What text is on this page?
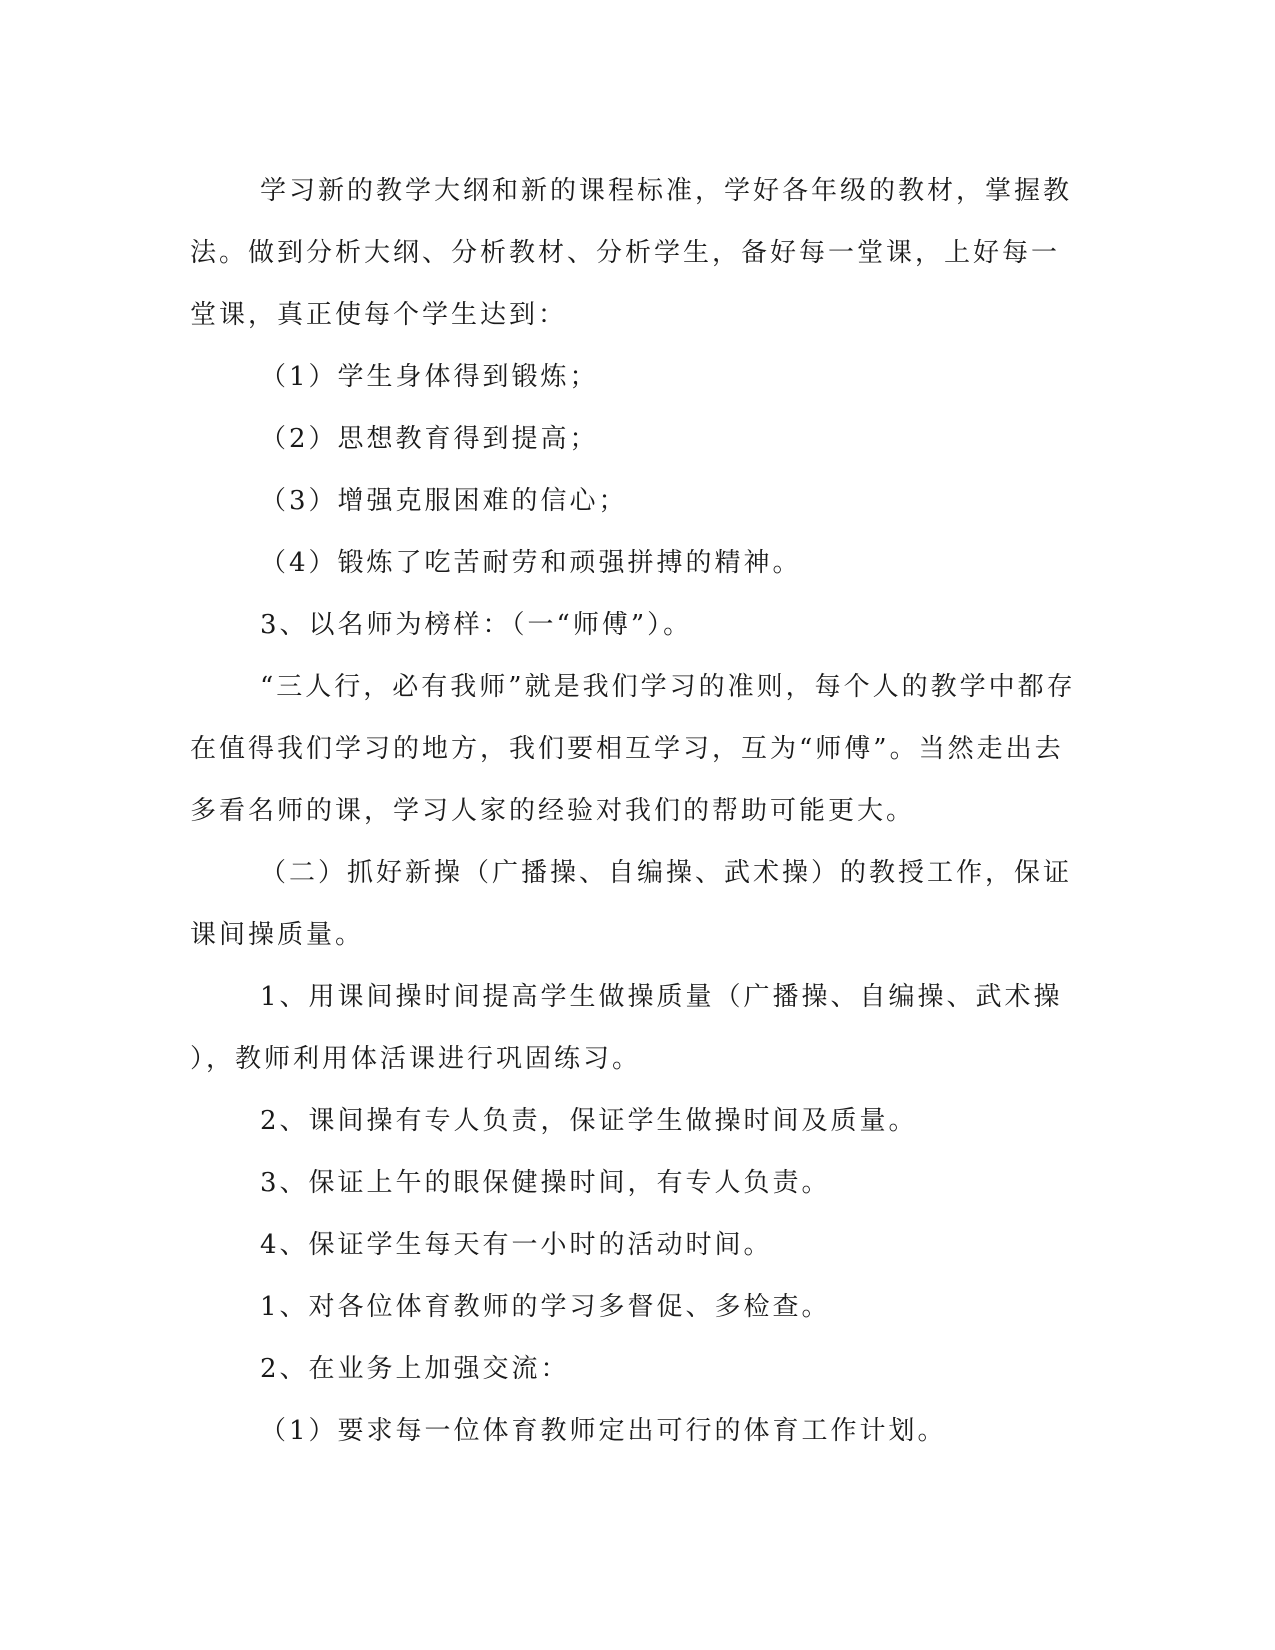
学习新的教学大纲和新的课程标准，学好各年级的教材，掌握教
法。做到分析大纲、分析教材、分析学生，备好每一堂课，上好每一
堂课，真正使每个学生达到：
（1）学生身体得到锻炼；
（2）思想教育得到提高；
（3）增强克服困难的信心；
（4）锻炼了吃苦耐劳和顽强拼搏的精神。
3、以名师为榜样：（一“师傅”）。
“三人行，必有我师”就是我们学习的准则，每个人的教学中都存
在值得我们学习的地方，我们要相互学习，互为“师傅”。当然走出去
多看名师的课，学习人家的经验对我们的帮助可能更大。
（二）抓好新操（广播操、自编操、武术操）的教授工作，保证
课间操质量。
1、用课间操时间提高学生做操质量（广播操、自编操、武术操
），教师利用体活课进行巩固练习。
2、课间操有专人负责，保证学生做操时间及质量。
3、保证上午的眼保健操时间，有专人负责。
4、保证学生每天有一小时的活动时间。
1、对各位体育教师的学习多督促、多检查。
2、在业务上加强交流：
（1）要求每一位体育教师定出可行的体育工作计划。
